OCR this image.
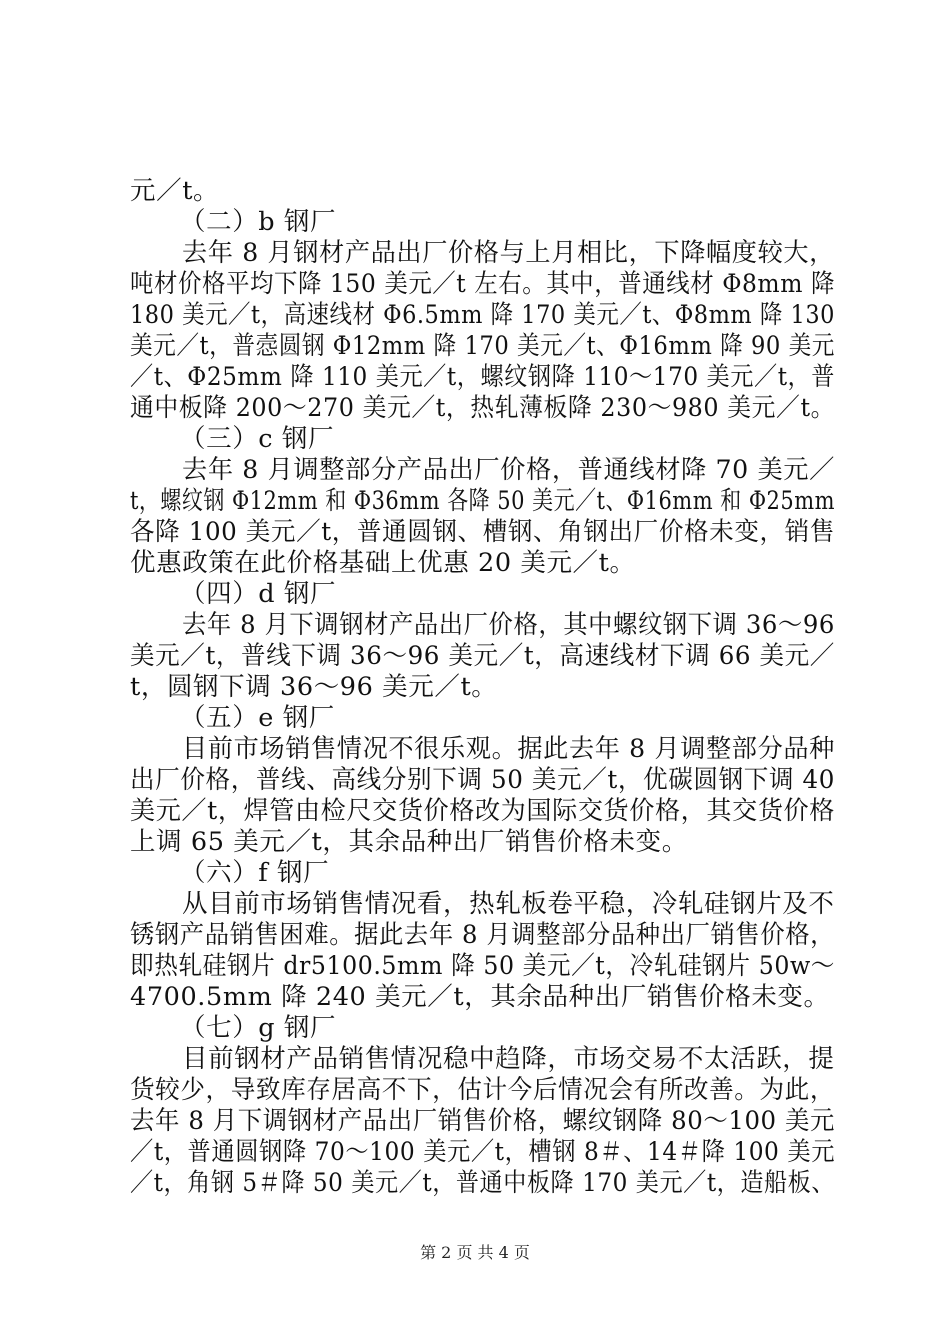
元／t。
（二）b 钢厂
去年 8 月钢材产品出厂价格与上月相比，下降幅度较大，
吨材价格平均下降 150 美元／t 左右。其中，普通线材 Φ8mm 降
180 美元／t，高速线材 Φ6.5mm 降 170 美元／t、Φ8mm 降 130
美元／t，普悫圆钢 Φ12mm 降 170 美元／t、Φ16mm 降 90 美元
／t、Φ25mm 降 110 美元／t，螺纹钢降 110～170 美元／t，普
通中板降 200～270 美元／t，热轧薄板降 230～980 美元／t。
（三）c 钢厂
去年 8 月调整部分产品出厂价格，普通线材降 70 美元／
t，螺纹钢 Φ12mm 和 Φ36mm 各降 50 美元／t、Φ16mm 和 Φ25mm
各降 100 美元／t，普通圆钢、槽钢、角钢出厂价格未变，销售
优惠政策在此价格基础上优惠 20 美元／t。
（四）d 钢厂
去年 8 月下调钢材产品出厂价格，其中螺纹钢下调 36～96
美元／t，普线下调 36～96 美元／t，高速线材下调 66 美元／
t，圆钢下调 36～96 美元／t。
（五）e 钢厂
目前市场销售情况不很乐观。据此去年 8 月调整部分品种
出厂价格，普线、高线分别下调 50 美元／t，优碳圆钢下调 40
美元／t，焊管由检尺交货价格改为国际交货价格，其交货价格
上调 65 美元／t，其余品种出厂销售价格未变。
（六）f 钢厂
从目前市场销售情况看，热轧板卷平稳，冷轧硅钢片及不
锈钢产品销售困难。据此去年 8 月调整部分品种出厂销售价格，
即热轧硅钢片 dr5100.5mm 降 50 美元／t，冷轧硅钢片 50w～
4700.5mm 降 240 美元／t，其余品种出厂销售价格未变。
（七）g 钢厂
目前钢材产品销售情况稳中趋降，市场交易不太活跃，提
货较少，导致库存居高不下，估计今后情况会有所改善。为此，
去年 8 月下调钢材产品出厂销售价格，螺纹钢降 80～100 美元
／t，普通圆钢降 70～100 美元／t，槽钢 8＃、14＃降 100 美元
／t，角钢 5＃降 50 美元／t，普通中板降 170 美元／t，造船板、
第 2 页 共 4 页
